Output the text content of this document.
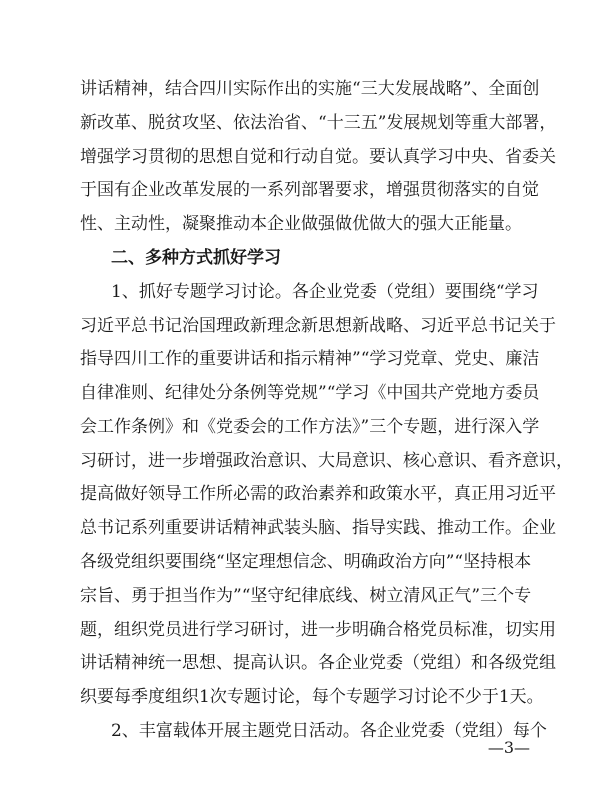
讲话精神，结合四川实际作出的实施“三大发展战略”、全面创
新改革、脱贫攻坚、依法治省、“十三五”发展规划等重大部署，
增强学习贯彻的思想自觉和行动自觉。要认真学习中央、省委关
于国有企业改革发展的一系列部署要求，增强贯彻落实的自觉
性、主动性，凝聚推动本企业做强做优做大的强大正能量。
二、多种方式抓好学习
1、抓好专题学习讨论。各企业党委（党组）要围绕“学习
习近平总书记治国理政新理念新思想新战略、习近平总书记关于
指导四川工作的重要讲话和指示精神”“学习党章、党史、廉洁
自律准则、纪律处分条例等党规”“学习《中国共产党地方委员
会工作条例》和《党委会的工作方法》”三个专题，进行深入学
习研讨，进一步增强政治意识、大局意识、核心意识、看齐意识，
提高做好领导工作所必需的政治素养和政策水平，真正用习近平
总书记系列重要讲话精神武装头脑、指导实践、推动工作。企业
各级党组织要围绕“坚定理想信念、明确政治方向”“坚持根本
宗旨、勇于担当作为”“坚守纪律底线、树立清风正气”三个专
题，组织党员进行学习研讨，进一步明确合格党员标准，切实用
讲话精神统一思想、提高认识。各企业党委（党组）和各级党组
织要每季度组织1次专题讨论，每个专题学习讨论不少于1天。
2、丰富载体开展主题党日活动。各企业党委（党组）每个
—3—
